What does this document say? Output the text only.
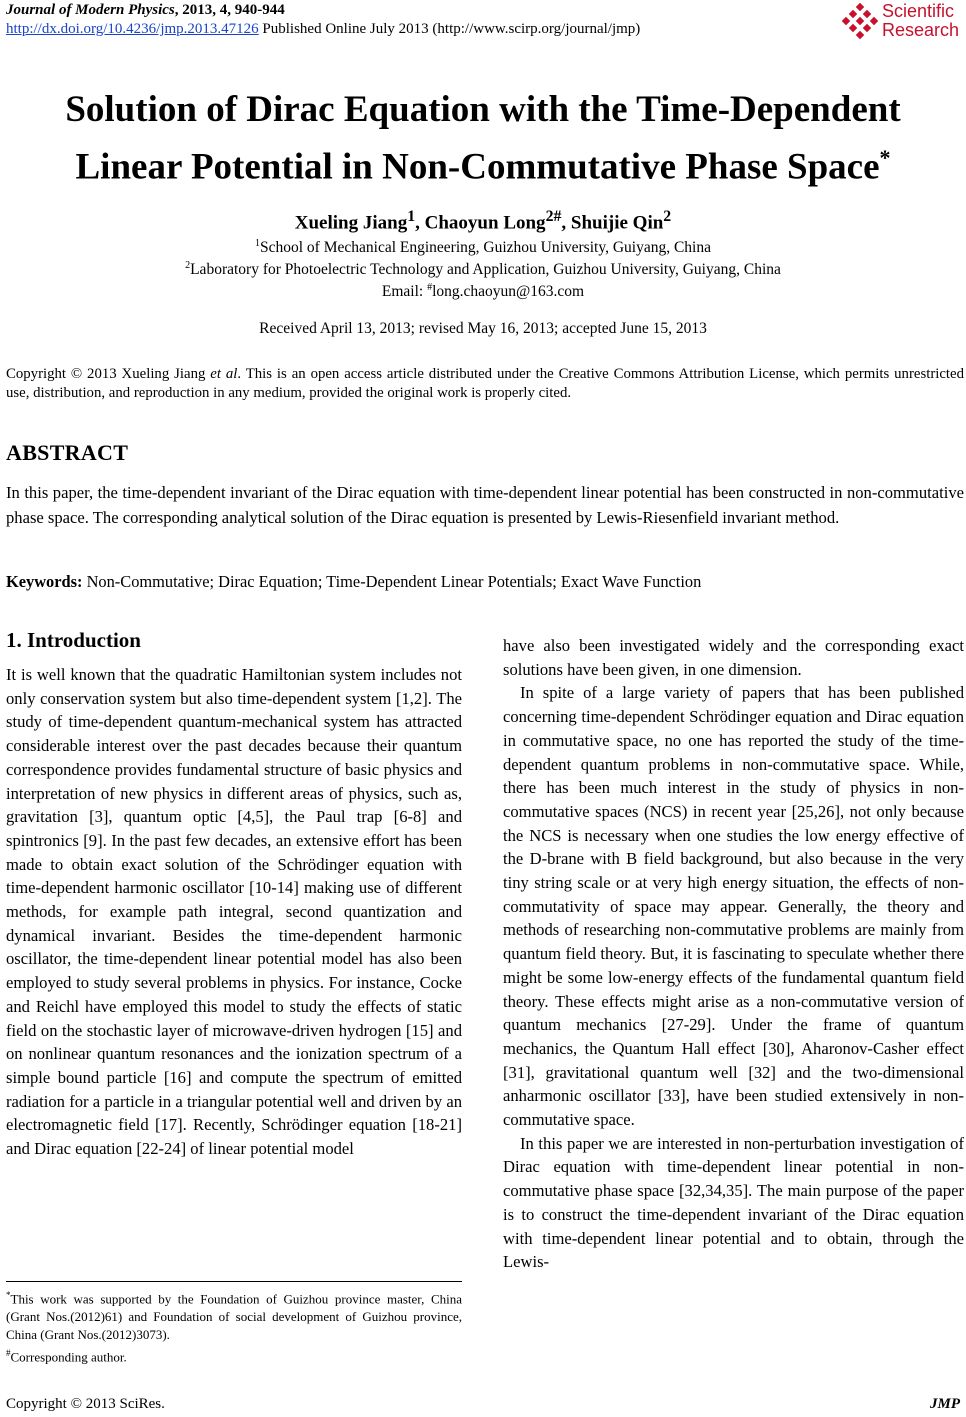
Journal of Modern Physics, 2013, 4, 940-944
http://dx.doi.org/10.4236/jmp.2013.47126 Published Online July 2013 (http://www.scirp.org/journal/jmp)
Scientific
Research
Solution of Dirac Equation with the Time-Dependent
Linear Potential in Non-Commutative Phase Space*
Xueling Jiang$^1$, Chaoyun Long$^{2\#}$, Shuijie Qin$^2$
$^1$School of Mechanical Engineering, Guizhou University, Guiyang, China
$^2$Laboratory for Photoelectric Technology and Application, Guizhou University, Guiyang, China
Email: #long.chaoyun@163.com
Received April 13, 2013; revised May 16, 2013; accepted June 15, 2013
Copyright © 2013 Xueling Jiang et al. This is an open access article distributed under the Creative Commons Attribution License, which permits unrestricted use, distribution, and reproduction in any medium, provided the original work is properly cited.
ABSTRACT
In this paper, the time-dependent invariant of the Dirac equation with time-dependent linear potential has been constructed in non-commutative phase space. The corresponding analytical solution of the Dirac equation is presented by Lewis-Riesenfield invariant method.
Keywords: Non-Commutative; Dirac Equation; Time-Dependent Linear Potentials; Exact Wave Function
1. Introduction

It is well known that the quadratic Hamiltonian system includes not only conservation system but also time-dependent system [1,2]. The study of time-dependent quantum-mechanical system has attracted considerable interest over the past decades because their quantum correspondence provides fundamental structure of basic physics and interpretation of new physics in different areas of physics, such as, gravitation [3], quantum optic [4,5], the Paul trap [6-8] and spintronics [9]. In the past few decades, an extensive effort has been made to obtain exact solution of the Schrödinger equation with time-dependent harmonic oscillator [10-14] making use of different methods, for example path integral, second quantization and dynamical invariant. Besides the time-dependent harmonic oscillator, the time-dependent linear potential model has also been employed to study several problems in physics. For instance, Cocke and Reichl have employed this model to study the effects of static field on the stochastic layer of microwave-driven hydrogen [15] and on nonlinear quantum resonances and the ionization spectrum of a simple bound particle [16] and compute the spectrum of emitted radiation for a particle in a triangular potential well and driven by an electromagnetic field [17]. Recently, Schrödinger equation [18-21] and Dirac equation [22-24] of linear potential model

have also been investigated widely and the corresponding exact solutions have been given, in one dimension.

In spite of a large variety of papers that has been published concerning time-dependent Schrödinger equation and Dirac equation in commutative space, no one has reported the study of the time-dependent quantum problems in non-commutative space. While, there has been much interest in the study of physics in non-commutative spaces (NCS) in recent year [25,26], not only because the NCS is necessary when one studies the low energy effective of the D-brane with B field background, but also because in the very tiny string scale or at very high energy situation, the effects of non-commutativity of space may appear. Generally, the theory and methods of researching non-commutative problems are mainly from quantum field theory. But, it is fascinating to speculate whether there might be some low-energy effects of the fundamental quantum field theory. These effects might arise as a non-commutative version of quantum mechanics [27-29]. Under the frame of quantum mechanics, the Quantum Hall effect [30], Aharonov-Casher effect [31], gravitational quantum well [32] and the two-dimensional anharmonic oscillator [33], have been studied extensively in non-commutative space.

In this paper we are interested in non-perturbation investigation of Dirac equation with time-dependent linear potential in non-commutative phase space [32,34,35]. The main purpose of the paper is to construct the time-dependent invariant of the Dirac equation with time-dependent linear potential and to obtain, through the Lewis-

*This work was supported by the Foundation of Guizhou province master, China (Grant Nos.(2012)61) and Foundation of social development of Guizhou province, China (Grant Nos.(2012)3073).

#Corresponding author.

Copyright © 2013 SciRes.	JMP
